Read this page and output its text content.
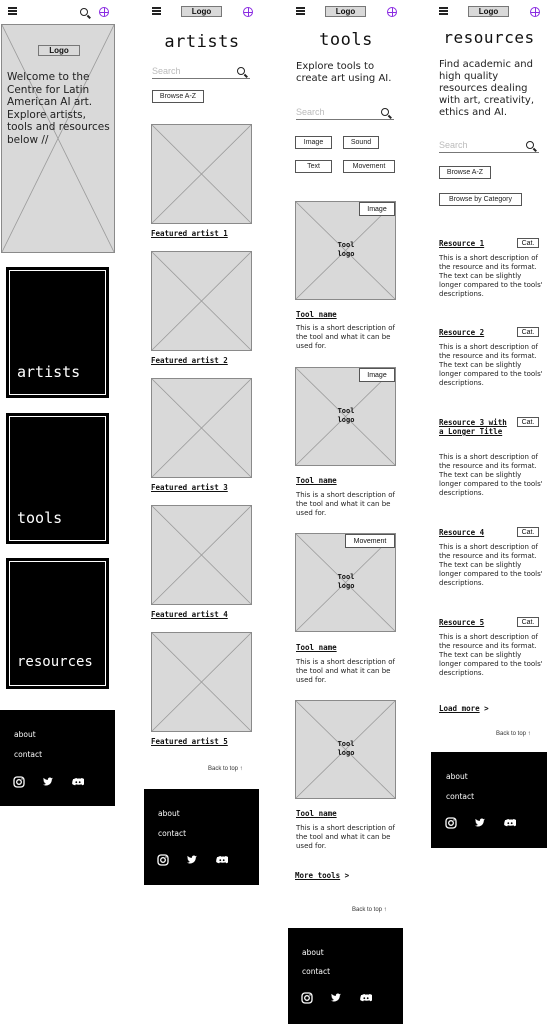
Logo
Welcome to the Centre for Latin American AI art. Explore artists, tools and resources below //
artists
tools
resources
about
contact
Logo
artists
Search
Browse A-Z
Featured artist 1
Featured artist 2
Featured artist 3
Featured artist 4
Featured artist 5
Back to top ↑
about
contact
Logo
tools
Explore tools to create art using AI.
Search
Image	Sound
Text	Movement
Image
Tool logo
Tool name
This is a short description of the tool and what it can be used for.
Image
Tool logo
Tool name
This is a short description of the tool and what it can be used for.
Movement
Tool logo
Tool name
This is a short description of the tool and what it can be used for.
Tool logo
Tool name
This is a short description of the tool and what it can be used for.
More tools >
Back to top ↑
about
contact
Logo
resources
Find academic and high quality resources dealing with art, creativity, ethics and AI.
Search
Browse A-Z
Browse by Category
Resource 1	Cat.
This is a short description of the resource and its format. The text can be slightly longer compared to the tools' descriptions.
Resource 2	Cat.
This is a short description of the resource and its format. The text can be slightly longer compared to the tools' descriptions.
Resource 3 with a Longer Title
Cat.
This is a short description of the resource and its format. The text can be slightly longer compared to the tools' descriptions.
Resource 4	Cat.
This is a short description of the resource and its format. The text can be slightly longer compared to the tools' descriptions.
Resource 5	Cat.
This is a short description of the resource and its format. The text can be slightly longer compared to the tools' descriptions.
Load more >
Back to top ↑
about
contact
